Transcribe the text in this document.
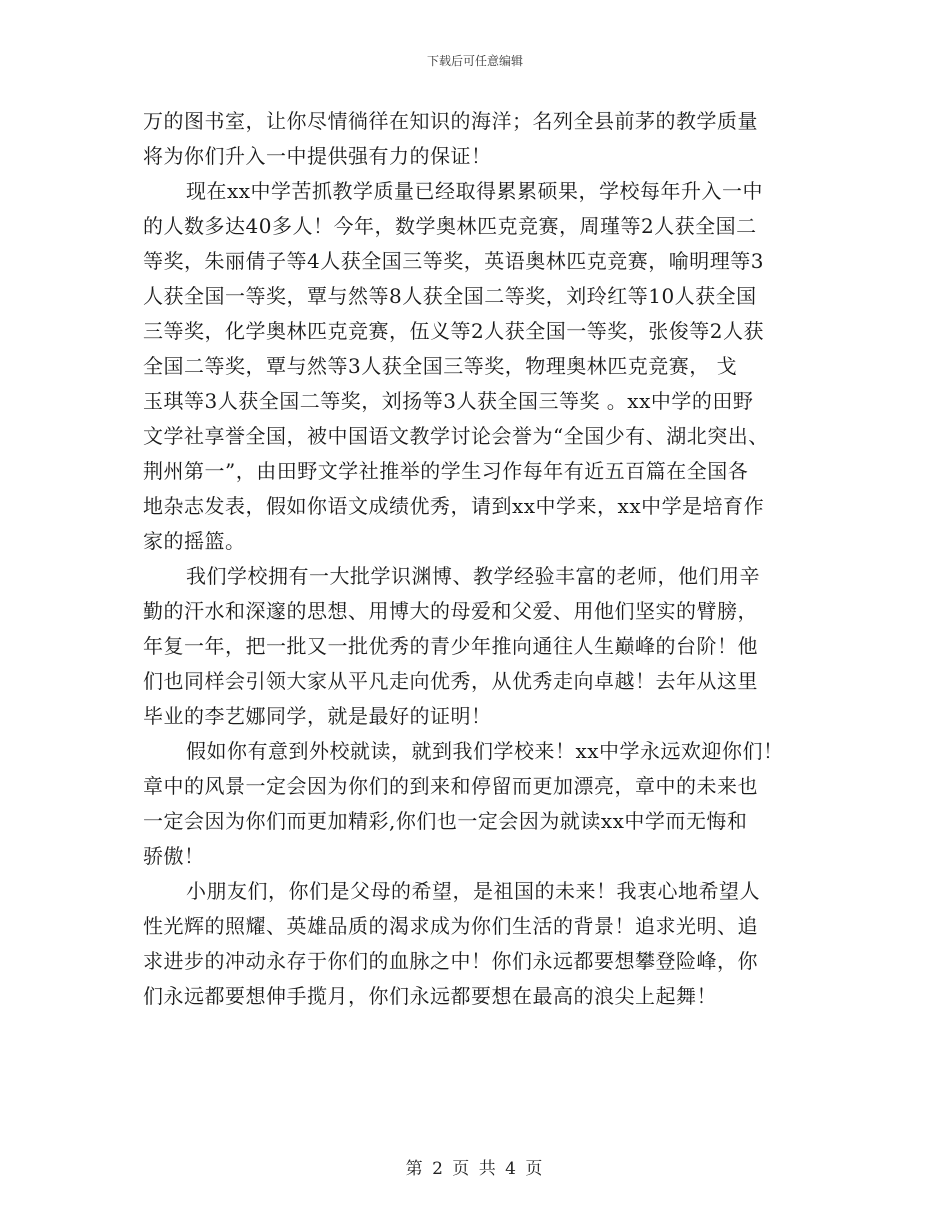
下载后可任意编辑
万的图书室，让你尽情徜徉在知识的海洋；名列全县前茅的教学质量
将为你们升入一中提供强有力的保证！
现在xx中学苦抓教学质量已经取得累累硕果，学校每年升入一中
的人数多达40多人！今年，数学奥林匹克竞赛，周瑾等2人获全国二
等奖，朱丽倩子等4人获全国三等奖，英语奥林匹克竞赛，喻明理等3
人获全国一等奖，覃与然等8人获全国二等奖，刘玲红等10人获全国
三等奖，化学奥林匹克竞赛，伍义等2人获全国一等奖，张俊等2人获
全国二等奖，覃与然等3人获全国三等奖，物理奥林匹克竞赛， 戈
玉琪等3人获全国二等奖，刘扬等3人获全国三等奖 。xx中学的田野
文学社享誉全国，被中国语文教学讨论会誉为“全国少有、湖北突出、
荆州第一”，由田野文学社推举的学生习作每年有近五百篇在全国各
地杂志发表，假如你语文成绩优秀，请到xx中学来，xx中学是培育作
家的摇篮。
我们学校拥有一大批学识渊博、教学经验丰富的老师，他们用辛
勤的汗水和深邃的思想、用博大的母爱和父爱、用他们坚实的臂膀，
年复一年，把一批又一批优秀的青少年推向通往人生巅峰的台阶！他
们也同样会引领大家从平凡走向优秀，从优秀走向卓越！去年从这里
毕业的李艺娜同学，就是最好的证明！
假如你有意到外校就读，就到我们学校来！xx中学永远欢迎你们！
章中的风景一定会因为你们的到来和停留而更加漂亮，章中的未来也
一定会因为你们而更加精彩,你们也一定会因为就读xx中学而无悔和
骄傲！
小朋友们，你们是父母的希望，是祖国的未来！我衷心地希望人
性光辉的照耀、英雄品质的渴求成为你们生活的背景！追求光明、追
求进步的冲动永存于你们的血脉之中！你们永远都要想攀登险峰，你
们永远都要想伸手揽月，你们永远都要想在最高的浪尖上起舞！
第 2 页 共 4 页
